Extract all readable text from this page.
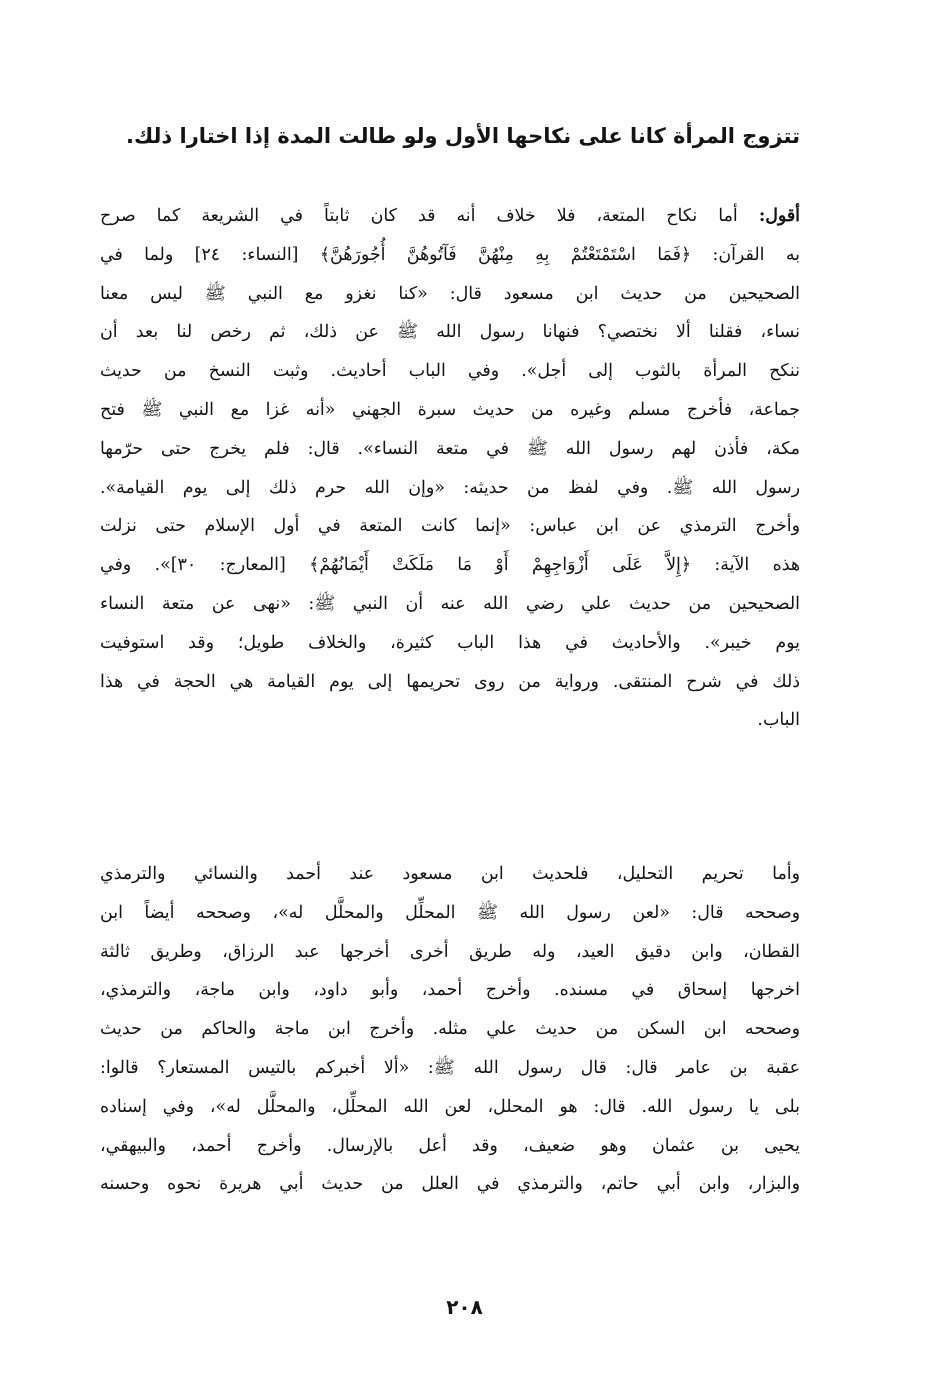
تتزوج المرأة كانا على نكاحها الأول ولو طالت المدة إذا اختارا ذلك.
أقول: أما نكاح المتعة، فلا خلاف أنه قد كان ثابتاً في الشريعة كما صرح
به القرآن: ﴿فَمَا اسْتَمْتَعْتُمْ بِهِ مِنْهُنَّ فَآتُوهُنَّ أُجُورَهُنَّ﴾ [النساء: ٢٤] ولما في
الصحيحين من حديث ابن مسعود قال: «كنا نغزو مع النبي ﷺ ليس معنا
نساء، فقلنا ألا نختصي؟ فنهانا رسول الله ﷺ عن ذلك، ثم رخص لنا بعد أن
ننكح المرأة بالثوب إلى أجل». وفي الباب أحاديث. وثبت النسخ من حديث
جماعة، فأخرج مسلم وغيره من حديث سبرة الجهني «أنه غزا مع النبي ﷺ فتح
مكة، فأذن لهم رسول الله ﷺ في متعة النساء». قال: فلم يخرج حتى حرّمها
رسول الله ﷺ. وفي لفظ من حديثه: «وإن الله حرم ذلك إلى يوم القيامة».
وأخرج الترمذي عن ابن عباس: «إنما كانت المتعة في أول الإسلام حتى نزلت
هذه الآية: ﴿إِلاَّ عَلَى أَزْوَاجِهِمْ أَوْ مَا مَلَكَتْ أَيْمَانُهُمْ﴾ [المعارج: ٣٠]». وفي
الصحيحين من حديث علي رضي الله عنه أن النبي ﷺ: «نهى عن متعة النساء
يوم خيبر». والأحاديث في هذا الباب كثيرة، والخلاف طويل؛ وقد استوفيت
ذلك في شرح المنتقى. ورواية من روى تحريمها إلى يوم القيامة هي الحجة في هذا
الباب.
وأما تحريم التحليل، فلحديث ابن مسعود عند أحمد والنسائي والترمذي
وصححه قال: «لعن رسول الله ﷺ المحلِّل والمحلَّل له»، وصححه أيضاً ابن
القطان، وابن دقيق العيد، وله طريق أخرى أخرجها عبد الرزاق، وطريق ثالثة
اخرجها إسحاق في مسنده. وأخرج أحمد، وأبو داود، وابن ماجة، والترمذي،
وصححه ابن السكن من حديث علي مثله. وأخرج ابن ماجة والحاكم من حديث
عقبة بن عامر قال: قال رسول الله ﷺ: «ألا أخبركم بالتيس المستعار؟ قالوا:
بلى يا رسول الله. قال: هو المحلل، لعن الله المحلِّل، والمحلَّل له»، وفي إسناده
يحيى بن عثمان وهو ضعيف، وقد أعل بالإرسال. وأخرج أحمد، والبيهقي،
والبزار، وابن أبي حاتم، والترمذي في العلل من حديث أبي هريرة نحوه وحسنه
٢٠٨
